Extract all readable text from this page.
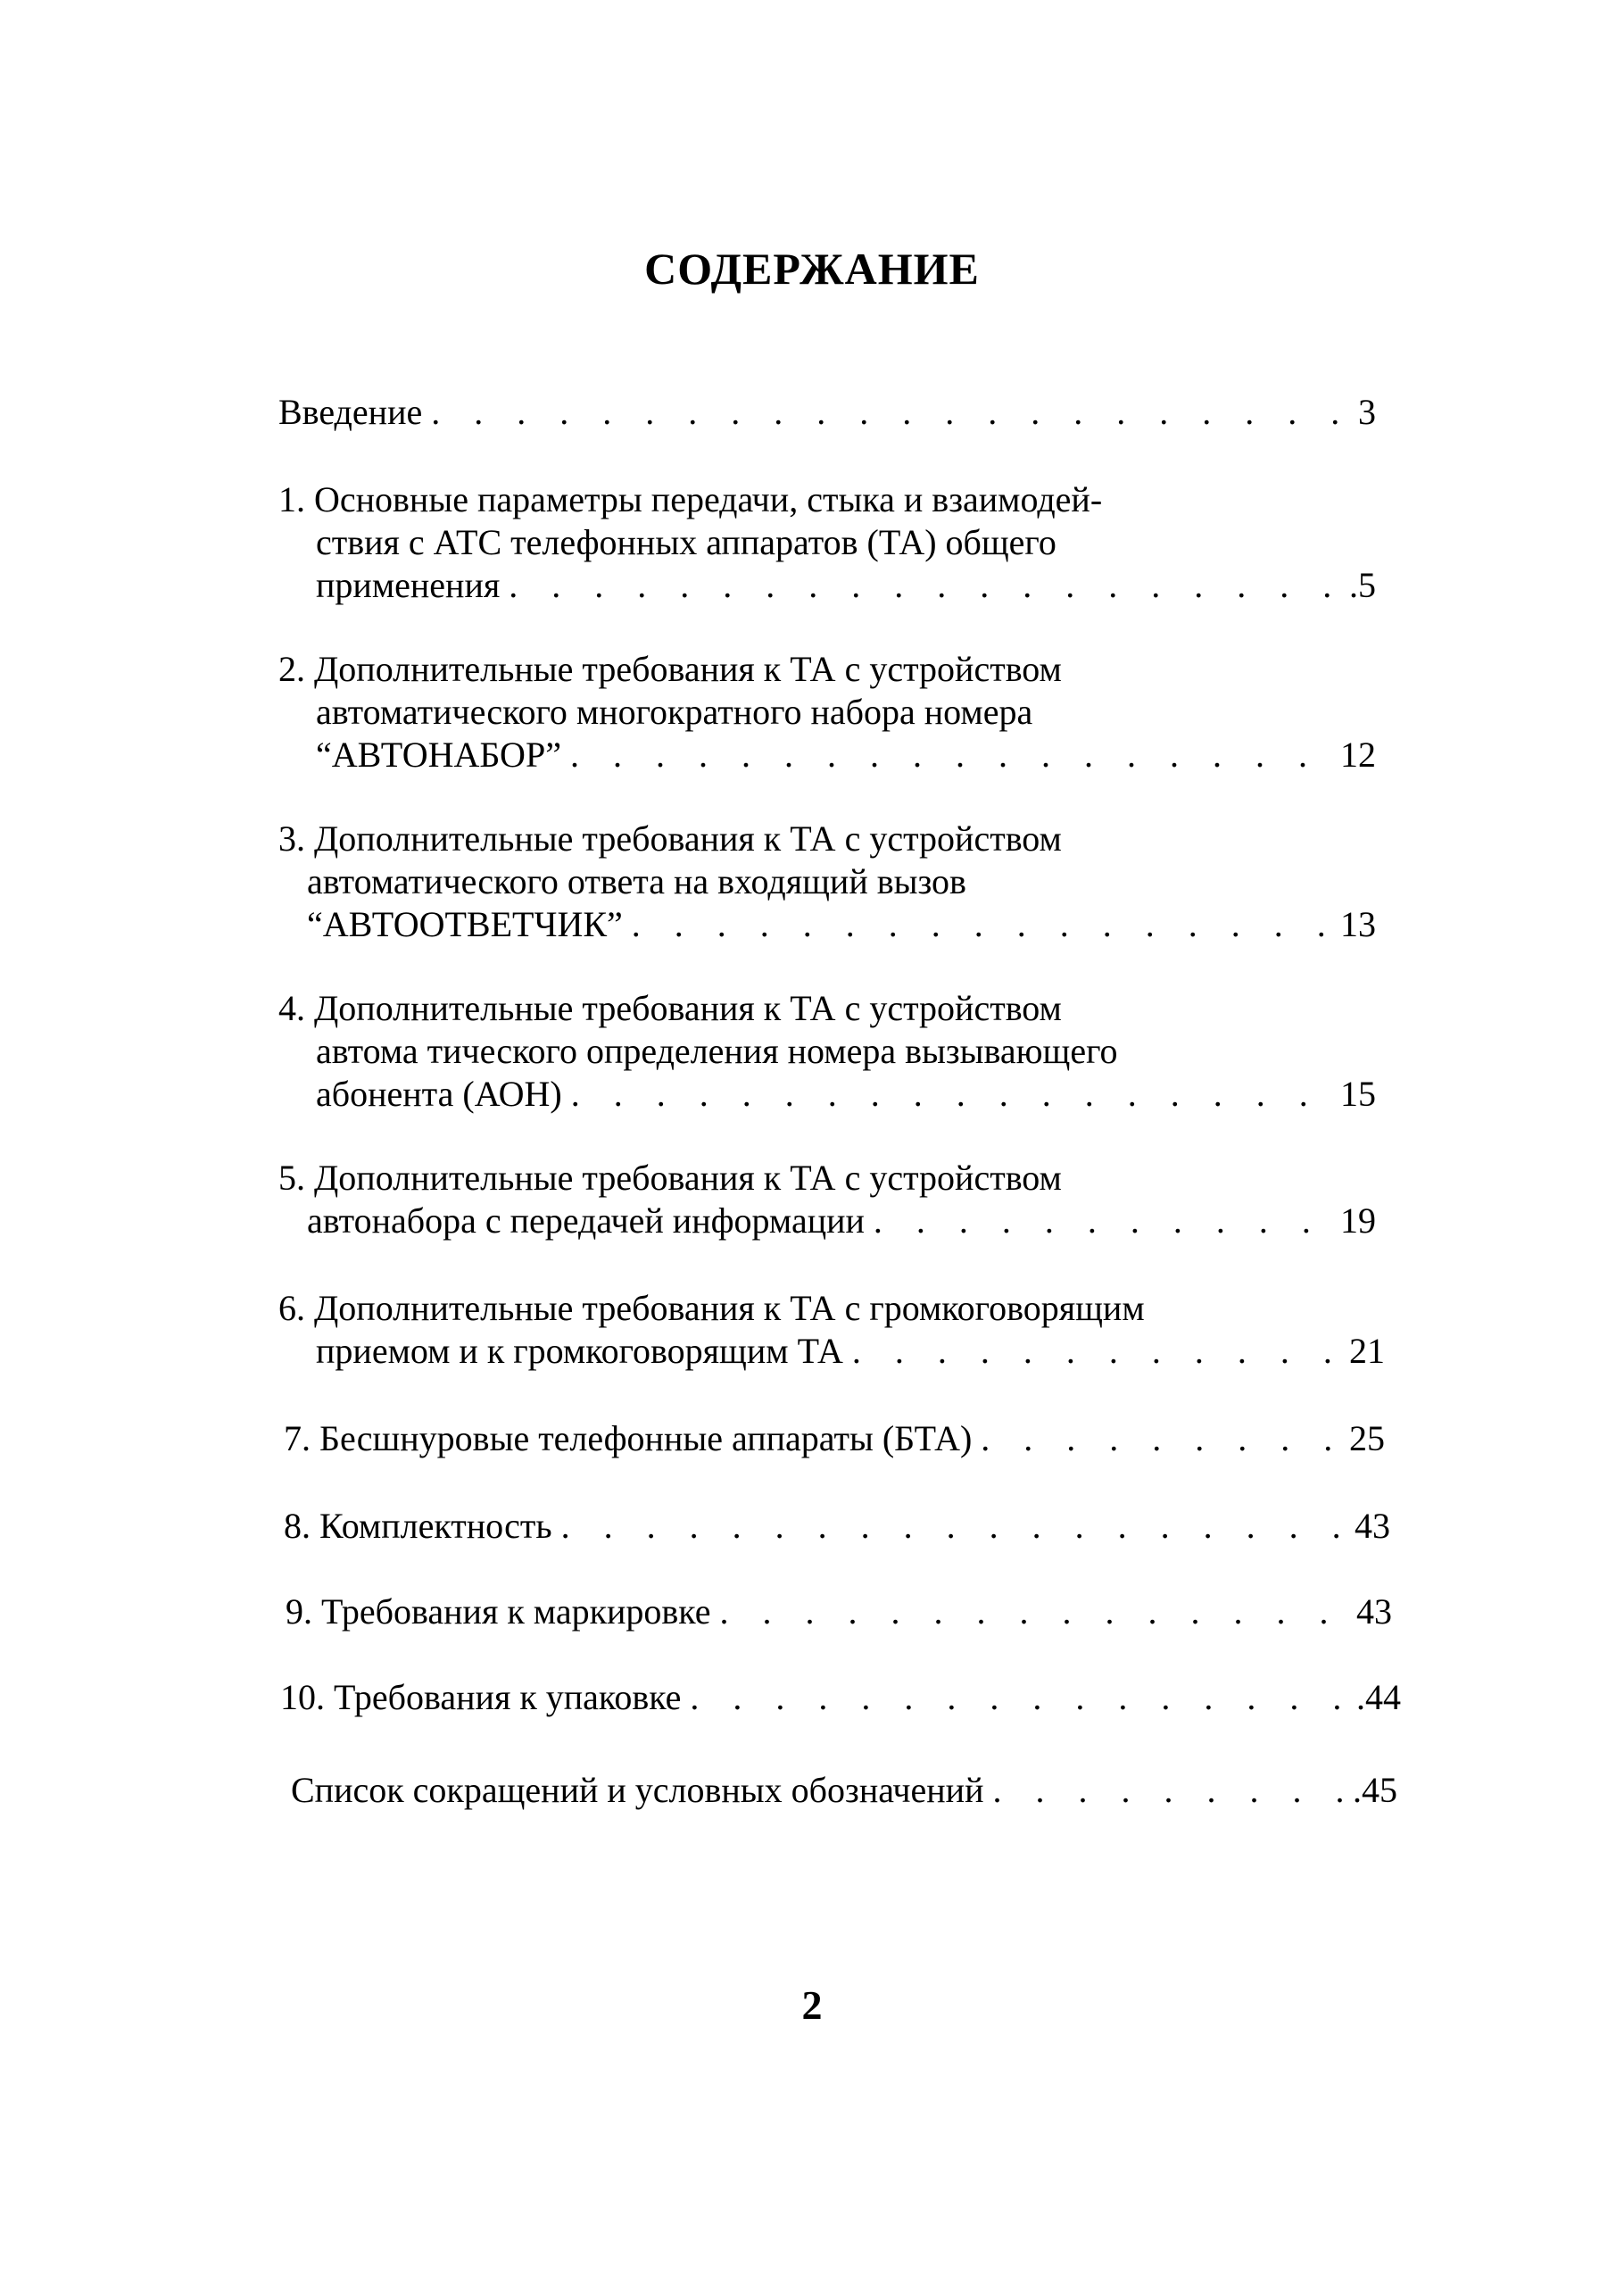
СОДЕРЖАНИЕ
Введение . . .	3
1. Основные параметры передачи, стыка и взаимодей-
ствия с АТС телефонных аппаратов (ТА) общего
применения . . .	.5
2. Дополнительные требования к ТА с устройством
автоматического многократного набора номера
“АВТОНАБОР” . . .	12
3. Дополнительные требования к ТА с устройством
автоматического ответа на входящий вызов
“АВТООТВЕТЧИК” . . .	13
4. Дополнительные требования к ТА с устройством
автома тического определения номера вызывающего
абонента (АОН) . . .	15
5. Дополнительные требования к ТА с устройством
автонабора с передачей информации . . .	19
6. Дополнительные требования к ТА с громкоговорящим
приемом и к громкоговорящим ТА . . .	21
7. Бесшнуровые телефонные аппараты (БТА) . . .	25
8. Комплектность . . .	43
9. Требования к маркировке . . .	43
10. Требования к упаковке . . .	.44
Список сокращений и условных обозначений . . .	.45
2
